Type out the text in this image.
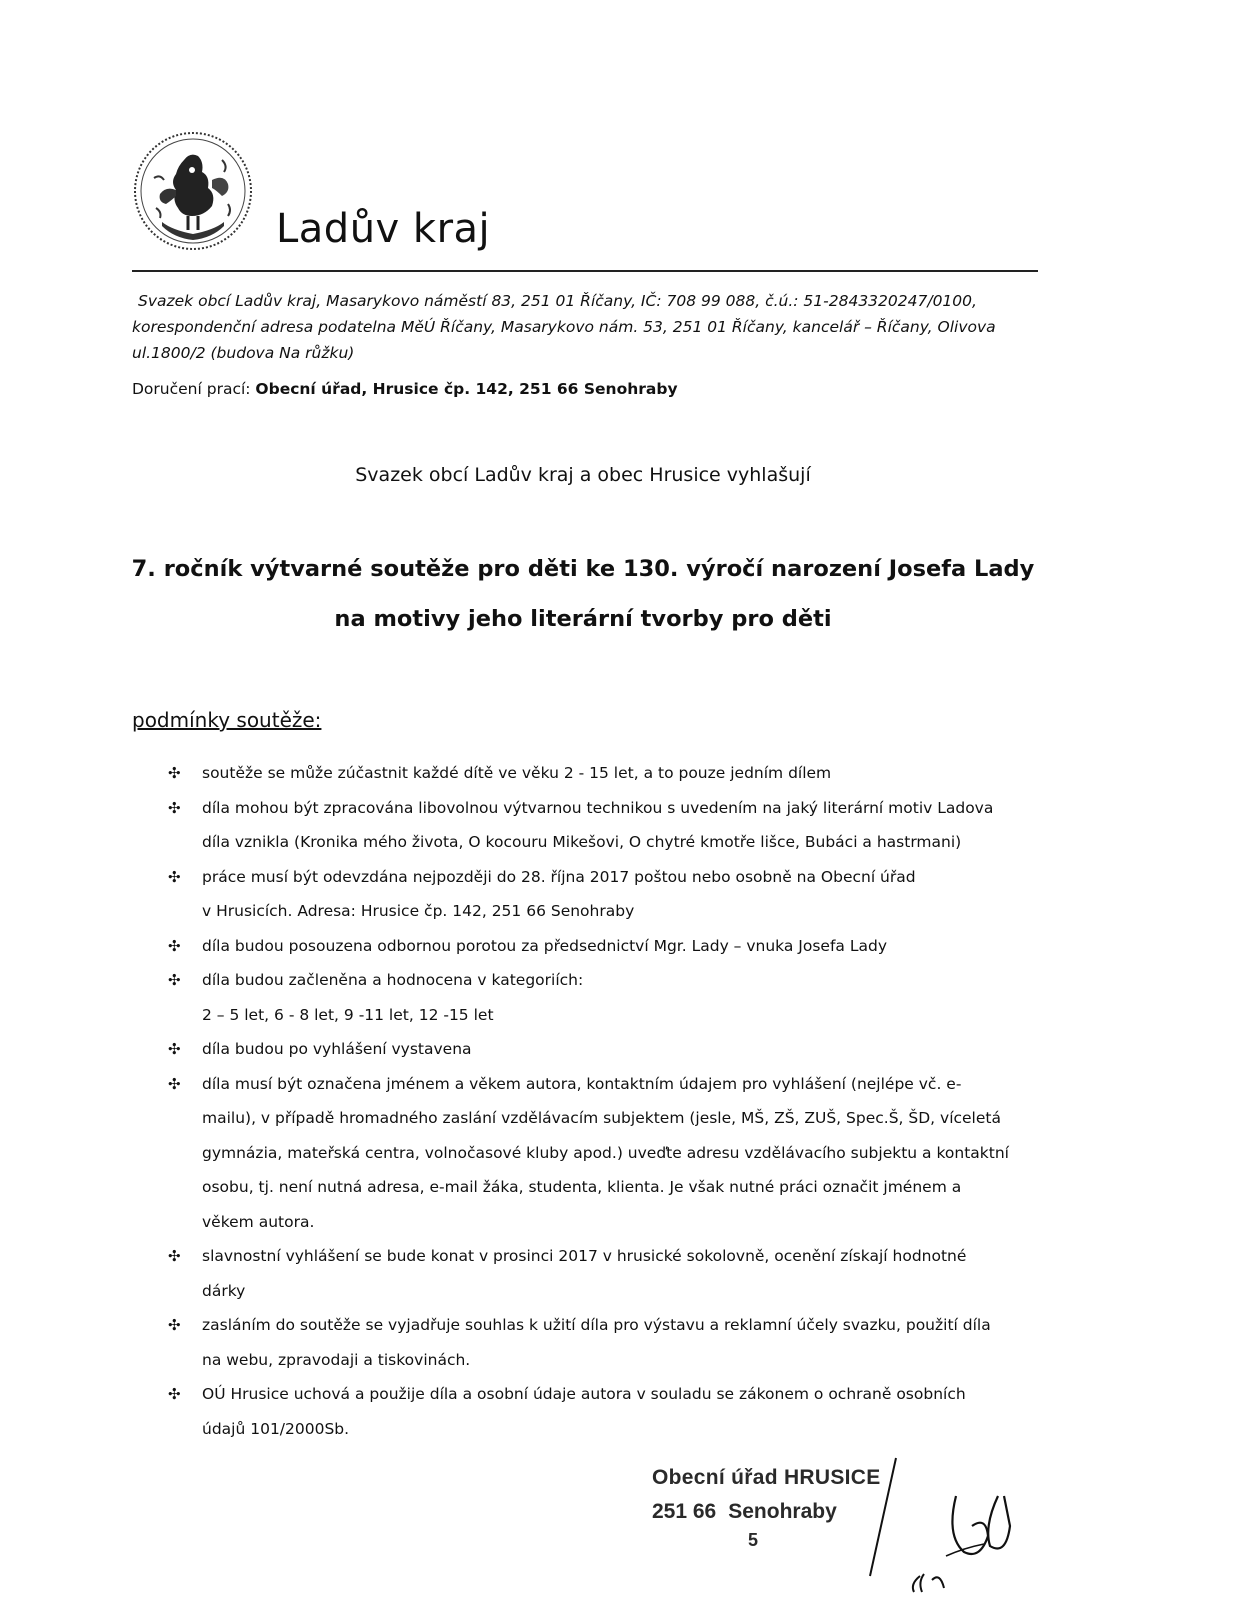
Ladův kraj
Svazek obcí Ladův kraj, Masarykovo náměstí 83, 251 01 Říčany, IČ: 708 99 088, č.ú.: 51-2843320247/0100,
korespondenční adresa podatelna MěÚ Říčany, Masarykovo nám. 53, 251 01 Říčany, kancelář – Říčany, Olivova
ul.1800/2 (budova Na růžku)
Doručení prací: Obecní úřad, Hrusice čp. 142, 251 66 Senohraby
Svazek obcí Ladův kraj a obec Hrusice vyhlašují
7. ročník výtvarné soutěže pro děti ke 130. výročí narození Josefa Lady
na motivy jeho literární tvorby pro děti
podmínky soutěže:
✣ soutěže se může zúčastnit každé dítě ve věku 2 - 15 let, a to pouze jedním dílem
✣ díla mohou být zpracována libovolnou výtvarnou technikou s uvedením na jaký literární motiv Ladova
díla vznikla (Kronika mého života, O kocouru Mikešovi, O chytré kmotře lišce, Bubáci a hastrmani)
✣ práce musí být odevzdána nejpozději do 28. října 2017 poštou nebo osobně na Obecní úřad
v Hrusicích. Adresa: Hrusice čp. 142, 251 66 Senohraby
✣ díla budou posouzena odbornou porotou za předsednictví Mgr. Lady – vnuka Josefa Lady
✣ díla budou začleněna a hodnocena v kategoriích:
2 – 5 let, 6 - 8 let, 9 -11 let, 12 -15 let
✣ díla budou po vyhlášení vystavena
✣ díla musí být označena jménem a věkem autora, kontaktním údajem pro vyhlášení (nejlépe vč. e-
mailu), v případě hromadného zaslání vzdělávacím subjektem (jesle, MŠ, ZŠ, ZUŠ, Spec.Š, ŠD, víceletá
gymnázia, mateřská centra, volnočasové kluby apod.) uveďte adresu vzdělávacího subjektu a kontaktní
osobu, tj. není nutná adresa, e-mail žáka, studenta, klienta. Je však nutné práci označit jménem a
věkem autora.
✣ slavnostní vyhlášení se bude konat v prosinci 2017 v hrusické sokolovně, ocenění získají hodnotné
dárky
✣ zasláním do soutěže se vyjadřuje souhlas k užití díla pro výstavu a reklamní účely svazku, použití díla
na webu, zpravodaji a tiskovinách.
✣ OÚ Hrusice uchová a použije díla a osobní údaje autora v souladu se zákonem o ochraně osobních
údajů 101/2000Sb.
Obecní úřad HRUSICE
251 66 Senohraby
5
